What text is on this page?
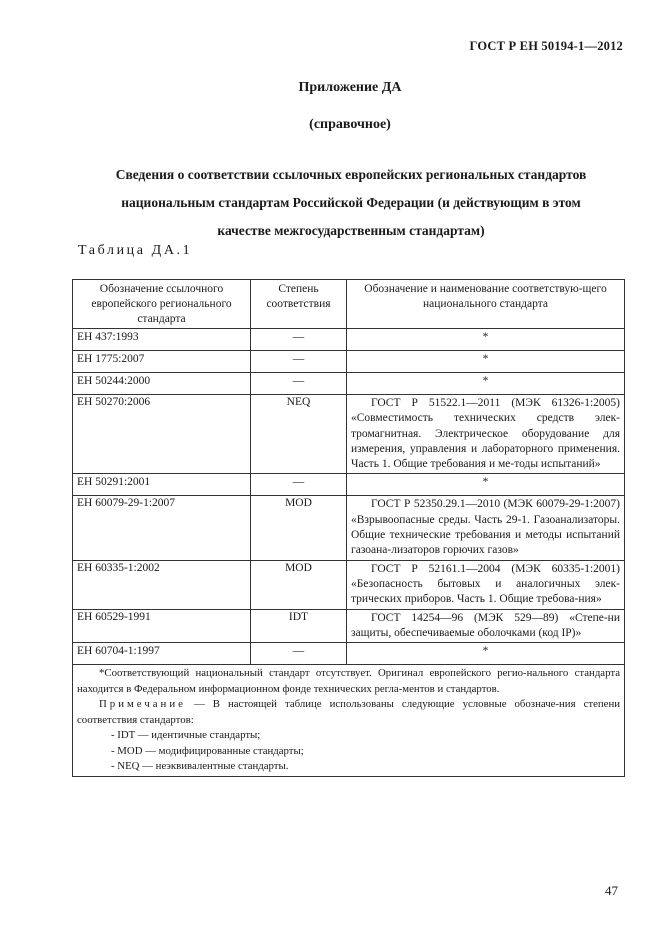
ГОСТ Р ЕН 50194-1—2012
Приложение ДА
(справочное)
Сведения о соответствии ссылочных европейских региональных стандартов
национальным стандартам Российской Федерации (и действующим в этом
качестве межгосударственным стандартам)
Таблица ДА.1
Обозначение ссылочного европейского регионального стандарта	Степень соответствия	Обозначение и наименование соответствую-щего национального стандарта
ЕН 437:1993	—	*
ЕН 1775:2007	—	*
ЕН 50244:2000	—	*
ЕН 50270:2006	NEQ	ГОСТ Р 51522.1—2011 (МЭК 61326-1:2005) «Совместимость технических средств элек-тромагнитная. Электрическое оборудование для измерения, управления и лабораторного применения. Часть 1. Общие требования и ме-тоды испытаний»
ЕН 50291:2001	—	*
ЕН 60079-29-1:2007	MOD	ГОСТ Р 52350.29.1—2010 (МЭК 60079-29-1:2007) «Взрывоопасные среды. Часть 29-1. Газоанализаторы. Общие технические требования и методы испытаний газоана-лизаторов горючих газов»
ЕН 60335-1:2002	MOD	ГОСТ Р 52161.1—2004 (МЭК 60335-1:2001) «Безопасность бытовых и аналогичных элек-трических приборов. Часть 1. Общие требова-ния»
ЕН 60529-1991	IDT	ГОСТ 14254—96 (МЭК 529—89) «Степе-ни защиты, обеспечиваемые оболочками (код IP)»
ЕН 60704-1:1997	—	*

*Соответствующий национальный стандарт отсутствует. Оригинал европейского регио-нального стандарта находится в Федеральном информационном фонде технических регла-ментов и стандартов.
Примечание — В настоящей таблице использованы следующие условные обозначе-ния степени соответствия стандартов:
- IDT — идентичные стандарты;
- MOD — модифицированные стандарты;
- NEQ — неэквивалентные стандарты.		
47
